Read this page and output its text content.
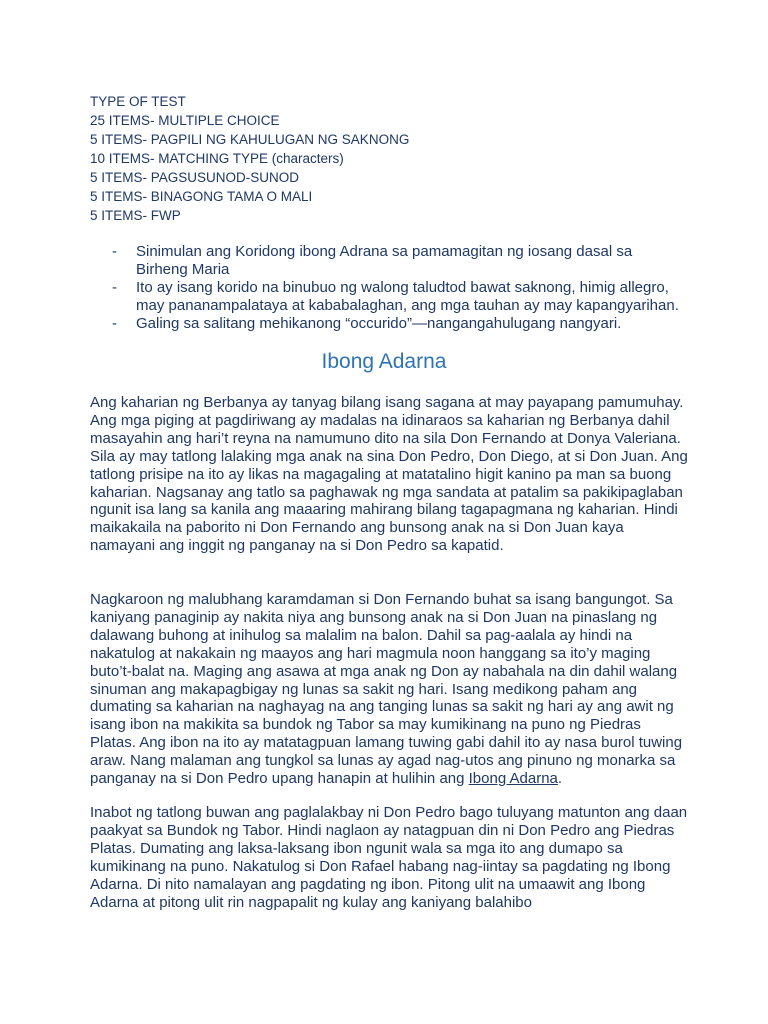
TYPE OF TEST
25 ITEMS- MULTIPLE CHOICE
5 ITEMS- PAGPILI NG KAHULUGAN NG SAKNONG
10 ITEMS- MATCHING TYPE (characters)
5 ITEMS- PAGSUSUNOD-SUNOD
5 ITEMS- BINAGONG TAMA O MALI
5 ITEMS- FWP
- Sinimulan ang Koridong ibong Adrana sa pamamagitan ng iosang dasal sa Birheng Maria
- Ito ay isang korido na binubuo ng walong taludtod bawat saknong, himig allegro, may pananampalataya at kababalaghan, ang mga tauhan ay may kapangyarihan.
- Galing sa salitang mehikanong “occurido”—nangangahulugang nangyari.
Ibong Adarna

Ang kaharian ng Berbanya ay tanyag bilang isang sagana at may payapang pamumuhay. Ang mga piging at pagdiriwang ay madalas na idinaraos sa kaharian ng Berbanya dahil masayahin ang hari’t reyna na namumuno dito na sila Don Fernando at Donya Valeriana. Sila ay may tatlong lalaking mga anak na sina Don Pedro, Don Diego, at si Don Juan. Ang tatlong prisipe na ito ay likas na magagaling at matatalino higit kanino pa man sa buong kaharian. Nagsanay ang tatlo sa paghawak ng mga sandata at patalim sa pakikipaglaban ngunit isa lang sa kanila ang maaaring mahirang bilang tagapagmana ng kaharian. Hindi maikakaila na paborito ni Don Fernando ang bunsong anak na si Don Juan kaya namayani ang inggit ng panganay na si Don Pedro sa kapatid.

Nagkaroon ng malubhang karamdaman si Don Fernando buhat sa isang bangungot. Sa kaniyang panaginip ay nakita niya ang bunsong anak na si Don Juan na pinaslang ng dalawang buhong at inihulog sa malalim na balon. Dahil sa pag-aalala ay hindi na nakatulog at nakakain ng maayos ang hari magmula noon hanggang sa ito’y maging buto’t-balat na. Maging ang asawa at mga anak ng Don ay nabahala na din dahil walang sinuman ang makapagbigay ng lunas sa sakit ng hari. Isang medikong paham ang dumating sa kaharian na naghayag na ang tanging lunas sa sakit ng hari ay ang awit ng isang ibon na makikita sa bundok ng Tabor sa may kumikinang na puno ng Piedras Platas. Ang ibon na ito ay matatagpuan lamang tuwing gabi dahil ito ay nasa burol tuwing araw. Nang malaman ang tungkol sa lunas ay agad nag-utos ang pinuno ng monarka sa panganay na si Don Pedro upang hanapin at hulihin ang Ibong Adarna.

Inabot ng tatlong buwan ang paglalakbay ni Don Pedro bago tuluyang matunton ang daan paakyat sa Bundok ng Tabor. Hindi naglaon ay natagpuan din ni Don Pedro ang Piedras Platas. Dumating ang laksa-laksang ibon ngunit wala sa mga ito ang dumapo sa kumikinang na puno. Nakatulog si Don Rafael habang nag-iintay sa pagdating ng Ibong Adarna. Di nito namalayan ang pagdating ng ibon. Pitong ulit na umaawit ang Ibong Adarna at pitong ulit rin nagpapalit ng kulay ang kaniyang balahibo
